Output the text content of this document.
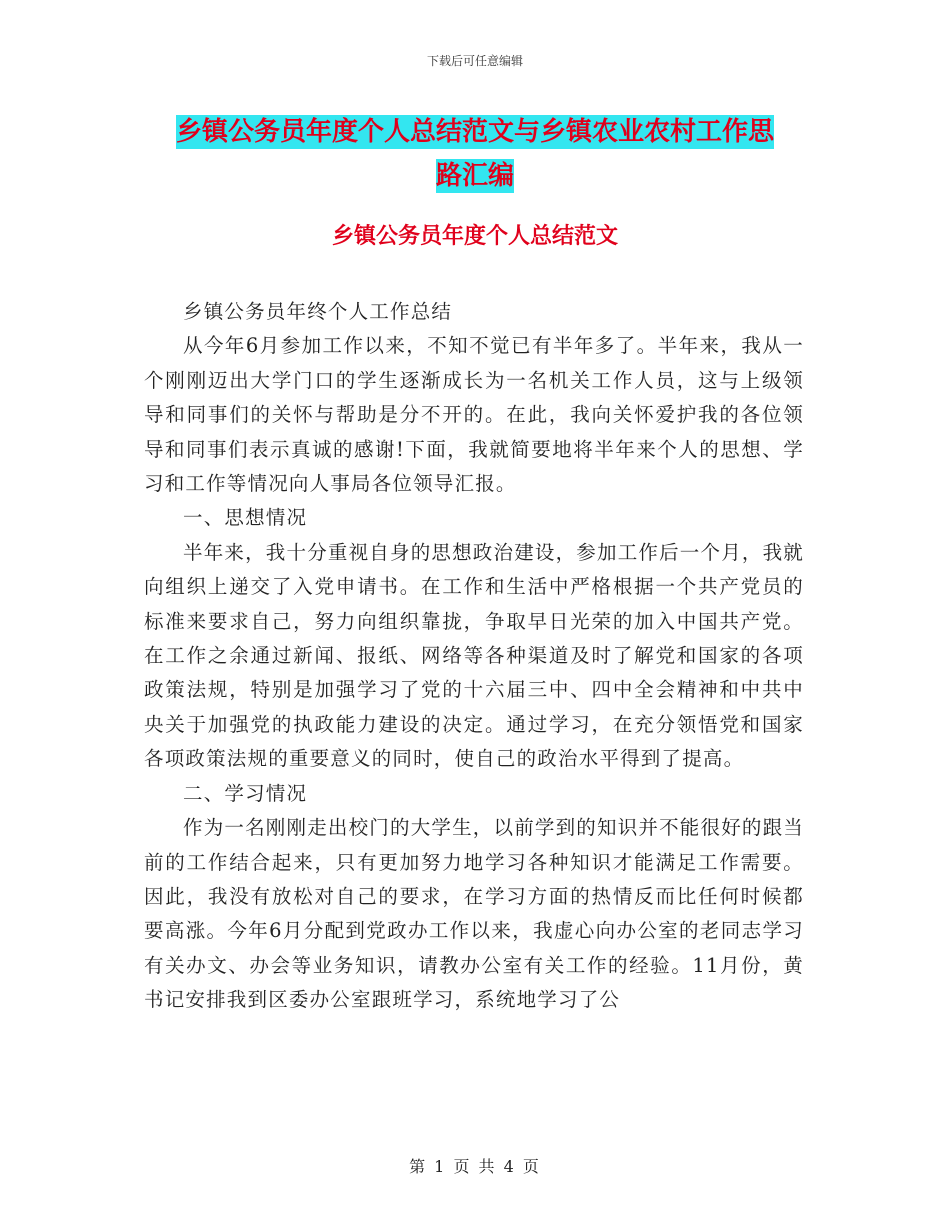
下载后可任意编辑
乡镇公务员年度个人总结范文与乡镇农业农村工作思
路汇编
乡镇公务员年度个人总结范文

乡镇公务员年终个人工作总结

从今年6月参加工作以来，不知不觉已有半年多了。半年来，我从一个刚刚迈出大学门口的学生逐渐成长为一名机关工作人员，这与上级领导和同事们的关怀与帮助是分不开的。在此，我向关怀爱护我的各位领导和同事们表示真诚的感谢!下面，我就简要地将半年来个人的思想、学习和工作等情况向人事局各位领导汇报。

一、思想情况

半年来，我十分重视自身的思想政治建设，参加工作后一个月，我就向组织上递交了入党申请书。在工作和生活中严格根据一个共产党员的标准来要求自己，努力向组织靠拢，争取早日光荣的加入中国共产党。在工作之余通过新闻、报纸、网络等各种渠道及时了解党和国家的各项政策法规，特别是加强学习了党的十六届三中、四中全会精神和中共中央关于加强党的执政能力建设的决定。通过学习，在充分领悟党和国家各项政策法规的重要意义的同时，使自己的政治水平得到了提高。

二、学习情况

作为一名刚刚走出校门的大学生，以前学到的知识并不能很好的跟当前的工作结合起来，只有更加努力地学习各种知识才能满足工作需要。因此，我没有放松对自己的要求，在学习方面的热情反而比任何时候都要高涨。今年6月分配到党政办工作以来，我虚心向办公室的老同志学习有关办文、办会等业务知识，请教办公室有关工作的经验。11月份，黄书记安排我到区委办公室跟班学习，系统地学习了公

第 1 页 共 4 页
